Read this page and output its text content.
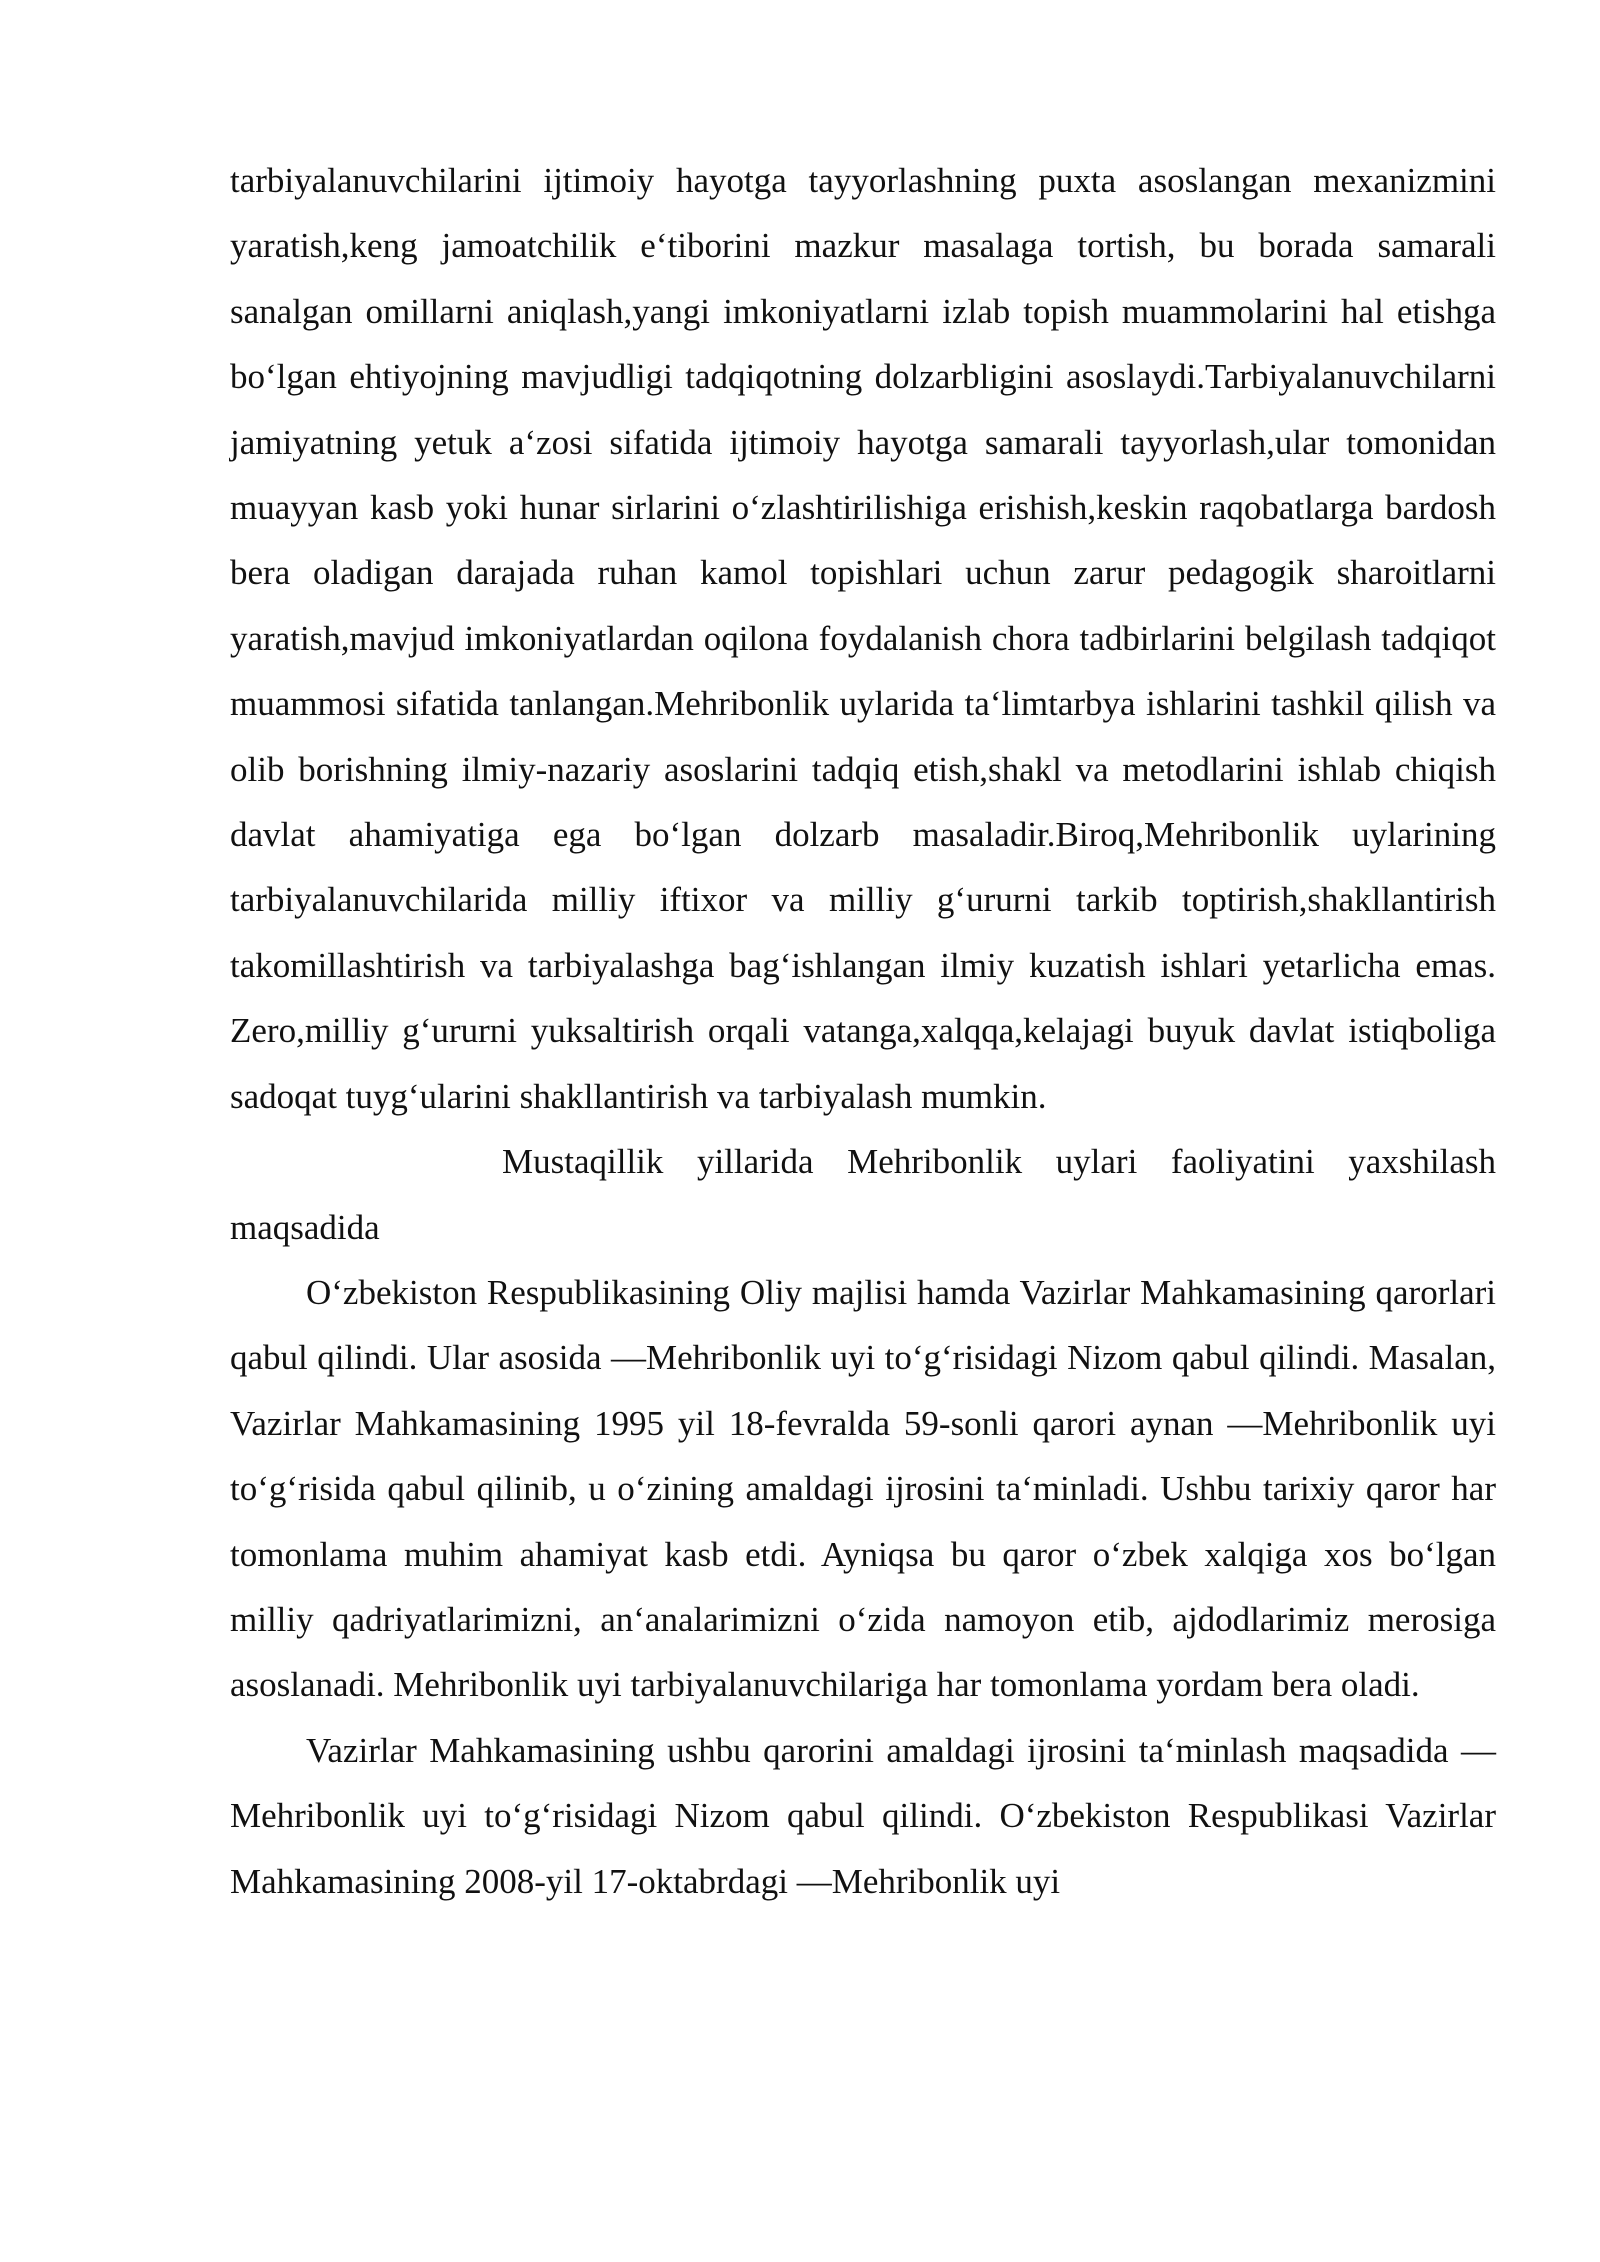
tarbiyalanuvchilarini ijtimoiy hayotga tayyorlashning puxta asoslangan mexanizmini yaratish,keng jamoatchilik e‘tiborini mazkur masalaga tortish, bu borada samarali sanalgan omillarni aniqlash,yangi imkoniyatlarni izlab topish muammolarini hal etishga bo‘lgan ehtiyojning mavjudligi tadqiqotning dolzarbligini asoslaydi.Tarbiyalanuvchilarni jamiyatning yetuk a‘zosi sifatida ijtimoiy hayotga samarali tayyorlash,ular tomonidan muayyan kasb yoki hunar sirlarini o‘zlashtirilishiga erishish,keskin raqobatlarga bardosh bera oladigan darajada ruhan kamol topishlari uchun zarur pedagogik sharoitlarni yaratish,mavjud imkoniyatlardan oqilona foydalanish chora tadbirlarini belgilash tadqiqot muammosi sifatida tanlangan.Mehribonlik uylarida ta‘limtarbya ishlarini tashkil qilish va olib borishning ilmiy-nazariy asoslarini tadqiq etish,shakl va metodlarini ishlab chiqish davlat ahamiyatiga ega bo‘lgan dolzarb masaladir.Biroq,Mehribonlik uylarining tarbiyalanuvchilarida milliy iftixor va milliy g‘ururni tarkib toptirish,shakllantirish takomillashtirish va tarbiyalashga bag‘ishlangan ilmiy kuzatish ishlari yetarlicha emas. Zero,milliy g‘ururni yuksaltirish orqali vatanga,xalqqa,kelajagi buyuk davlat istiqboliga sadoqat tuyg‘ularini shakllantirish va tarbiyalash mumkin.

Mustaqillik yillarida Mehribonlik uylari faoliyatini yaxshilash maqsadida

O‘zbekiston Respublikasining Oliy majlisi hamda Vazirlar Mahkamasining qarorlari qabul qilindi. Ular asosida —Mehribonlik uyi to‘g‘risidagi Nizom qabul qilindi. Masalan, Vazirlar Mahkamasining 1995 yil 18-fevralda 59-sonli qarori aynan —Mehribonlik uyi to‘g‘risida qabul qilinib, u o‘zining amaldagi ijrosini ta‘minladi. Ushbu tarixiy qaror har tomonlama muhim ahamiyat kasb etdi. Ayniqsa bu qaror o‘zbek xalqiga xos bo‘lgan milliy qadriyatlarimizni, an‘analarimizni o‘zida namoyon etib, ajdodlarimiz merosiga asoslanadi. Mehribonlik uyi tarbiyalanuvchilariga har tomonlama yordam bera oladi.

Vazirlar Mahkamasining ushbu qarorini amaldagi ijrosini ta‘minlash maqsadida —Mehribonlik uyi to‘g‘risidagi Nizom qabul qilindi. O‘zbekiston Respublikasi Vazirlar Mahkamasining 2008-yil 17-oktabrdagi —Mehribonlik uyi
